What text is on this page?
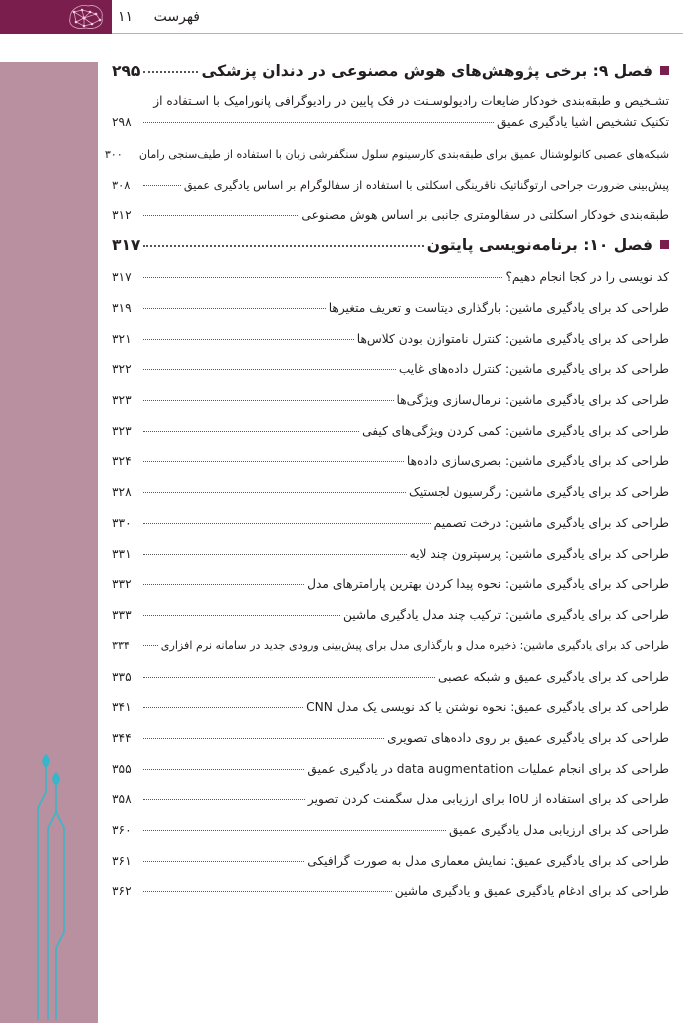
۱۱ فهرست
فصل ۹: برخی پژوهش‌های هوش مصنوعی در دندان پزشکی
۲۹۵
تشـخیص و طبقه‌بندی خودکار ضایعات رادیولوسـنت در فک پایین در رادیوگرافی پانورامیک با اسـتفاده از
تکنیک تشخیص اشیا یادگیری عمیق
۲۹۸
شبکه‌های عصبی کانولوشنال عمیق برای طبقه‌بندی کارسینوم سلول سنگفرشی زبان با استفاده از طیف‌سنجی رامان
۳۰۰
پیش‌بینی ضرورت جراحی ارتوگناتیک ناقرینگی اسکلتی با استفاده از سفالوگرام بر اساس یادگیری عمیق
۳۰۸
طبقه‌بندی خودکار اسکلتی در سفالومتری جانبی بر اساس هوش مصنوعی
۳۱۲
فصل ۱۰: برنامه‌نویسی پایتون
۳۱۷
کد نویسی را در کجا انجام دهیم؟
۳۱۷
طراحی کد برای یادگیری ماشین: بارگذاری دیتاست و تعریف متغیرها
۳۱۹
طراحی کد برای یادگیری ماشین: کنترل نامتوازن بودن کلاس‌ها
۳۲۱
طراحی کد برای یادگیری ماشین: کنترل داده‌های غایب
۳۲۲
طراحی کد برای یادگیری ماشین: نرمال‌سازی ویژگی‌ها
۳۲۳
طراحی کد برای یادگیری ماشین: کمی کردن ویژگی‌های کیفی
۳۲۳
طراحی کد برای یادگیری ماشین: بصری‌سازی داده‌ها
۳۲۴
طراحی کد برای یادگیری ماشین: رگرسیون لجستیک
۳۲۸
طراحی کد برای یادگیری ماشین: درخت تصمیم
۳۳۰
طراحی کد برای یادگیری ماشین: پرسپترون چند لایه
۳۳۱
طراحی کد برای یادگیری ماشین: نحوه پیدا کردن بهترین پارامترهای مدل
۳۳۲
طراحی کد برای یادگیری ماشین: ترکیب چند مدل یادگیری ماشین
۳۳۳
طراحی کد برای یادگیری ماشین: ذخیره مدل و بارگذاری مدل برای پیش‌بینی ورودی جدید در سامانه نرم افزاری
۳۳۴
طراحی کد برای یادگیری عمیق و شبکه عصبی
۳۳۵
طراحی کد برای یادگیری عمیق: نحوه نوشتن یا کد نویسی یک مدل CNN
۳۴۱
طراحی کد برای یادگیری عمیق بر روی داده‌های تصویری
۳۴۴
طراحی کد برای انجام عملیات data augmentation در یادگیری عمیق
۳۵۵
طراحی کد برای استفاده از IoU برای ارزیابی مدل سگمنت کردن تصویر
۳۵۸
طراحی کد برای ارزیابی مدل یادگیری عمیق
۳۶۰
طراحی کد برای یادگیری عمیق: نمایش معماری مدل به صورت گرافیکی
۳۶۱
طراحی کد برای ادغام یادگیری عمیق و یادگیری ماشین
۳۶۲
